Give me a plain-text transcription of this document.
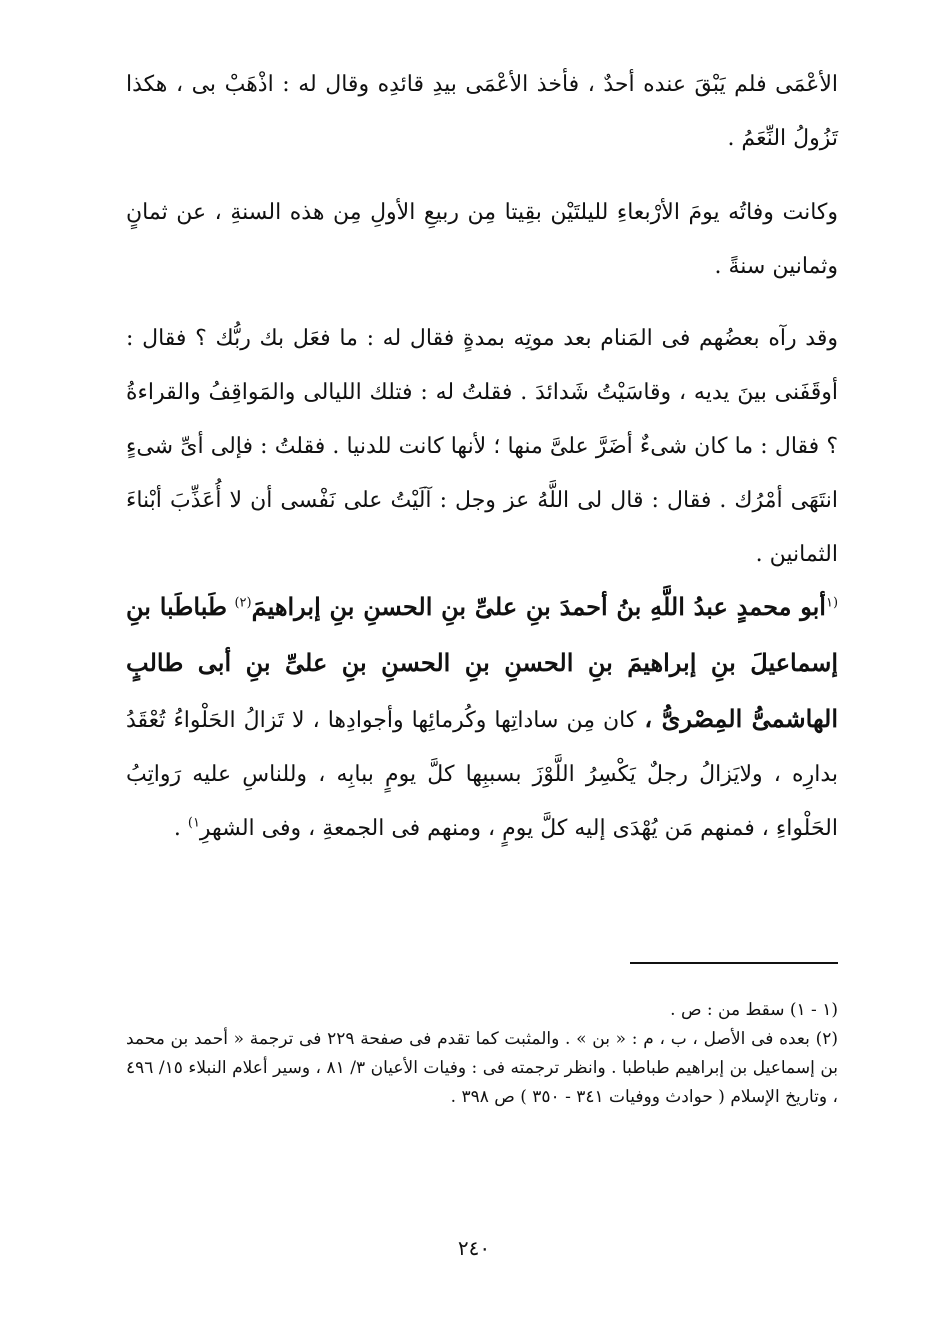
الأعْمَى فلم يَبْقَ عنده أحدٌ ، فأخذ الأعْمَى بيدِ قائدِه وقال له : اذْهَبْ بى ، هكذا تَزُولُ النِّعَمُ .

وكانت وفاتُه يومَ الأرْبعاءِ لليلتَيْن بقِيتا مِن ربيعِ الأولِ مِن هذه السنةِ ، عن ثمانٍ وثمانين سنةً .

وقد رآه بعضُهم فى المَنام بعد موتِه بمدةٍ فقال له : ما فعَل بك ربُّك ؟ فقال : أوقَفَنى بينَ يديه ، وقاسَيْتُ شَدائدَ . فقلتُ له : فتلك الليالى والمَواقِفُ والقراءةُ ؟ فقال : ما كان شىءٌ أضَرَّ علىَّ منها ؛ لأنها كانت للدنيا . فقلتُ : فإلى أىِّ شىءٍ انتَهَى أمْرُك . فقال : قال لى اللَّهُ عز وجل : آلَيْتُ على نَفْسى أن لا أُعَذِّبَ أبْناءَ الثمانين .

$^{(١}$أبو محمدٍ عبدُ اللَّهِ بنُ أحمدَ بنِ علىِّ بنِ الحسنِ بنِ إبراهيمَ$^{(٢)}$ طَباطَبا بنِ إسماعيلَ بنِ إبراهيمَ بنِ الحسنِ بنِ الحسنِ بنِ علىِّ بنِ أبى طالبٍ الهاشمىُّ المِصْرىُّ ، كان مِن ساداتِها وكُرمائِها وأجوادِها ، لا تَزالُ الحَلْواءُ تُعْقَدُ بدارِه ، ولايَزالُ رجلٌ يَكْسِرُ اللَّوْزَ بسببِها كلَّ يومٍ ببابِه ، وللناسِ عليه رَواتِبُ الحَلْواءِ ، فمنهم مَن يُهْدَى إليه كلَّ يومٍ ، ومنهم فى الجمعةِ ، وفى الشهرِ$^{١)}$ .

(١ - ١) سقط من : ص .

(٢) بعده فى الأصل ، ب ، م : « بن » . والمثبت كما تقدم فى صفحة ٢٢٩ فى ترجمة « أحمد بن محمد بن إسماعيل بن إبراهيم طباطبا . وانظر ترجمته فى : وفيات الأعيان ٣/ ٨١ ، وسير أعلام النبلاء ١٥/ ٤٩٦ ، وتاريخ الإسلام ( حوادث ووفيات ٣٤١ - ٣٥٠ ) ص ٣٩٨ .

٢٤٠
